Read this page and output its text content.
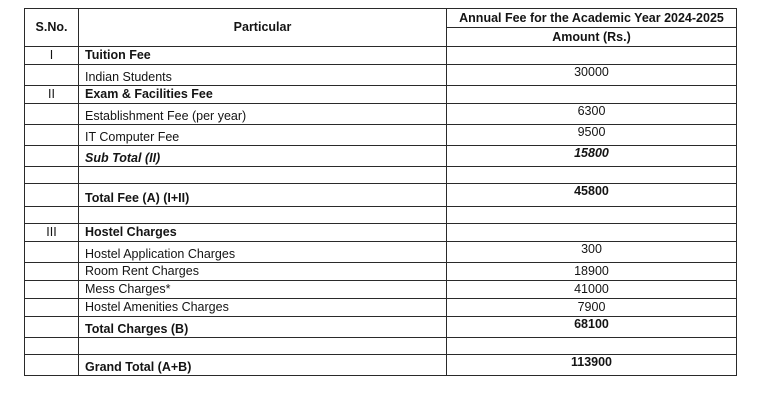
S.No.	Particular	Annual Fee for the Academic Year 2024-2025
		Amount (Rs.)
I	Tuition Fee	
	Indian Students	30000
II	Exam & Facilities Fee	
	Establishment Fee (per year)	6300
	IT Computer Fee	9500
	Sub Total (II)	15800

	Total Fee (A) (I+II)	45800

III	Hostel Charges	
	Hostel Application Charges	300
	Room Rent Charges	18900
	Mess Charges*	41000
	Hostel Amenities Charges	7900
	Total Charges (B)	68100

	Grand Total (A+B)	113900
